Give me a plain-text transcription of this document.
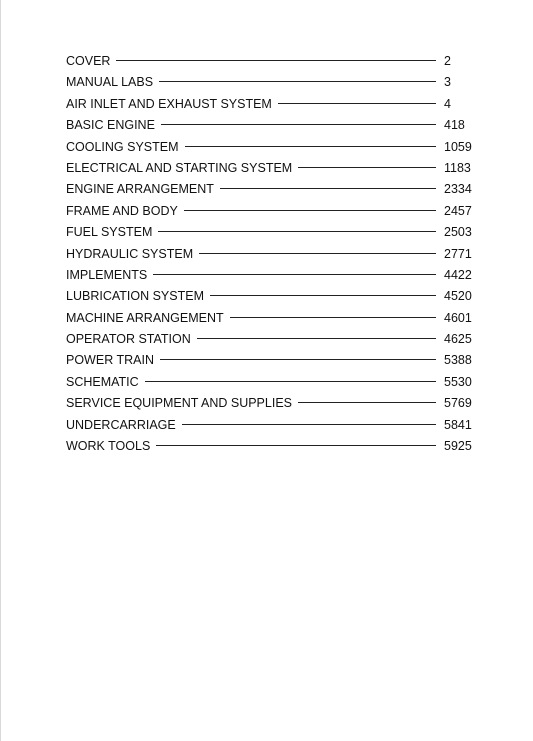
COVER	2
MANUAL LABS	3
AIR INLET AND EXHAUST SYSTEM	4
BASIC ENGINE	418
COOLING SYSTEM	1059
ELECTRICAL AND STARTING SYSTEM	1183
ENGINE ARRANGEMENT	2334
FRAME AND BODY	2457
FUEL SYSTEM	2503
HYDRAULIC SYSTEM	2771
IMPLEMENTS	4422
LUBRICATION SYSTEM	4520
MACHINE ARRANGEMENT	4601
OPERATOR STATION	4625
POWER TRAIN	5388
SCHEMATIC	5530
SERVICE EQUIPMENT AND SUPPLIES	5769
UNDERCARRIAGE	5841
WORK TOOLS	5925
